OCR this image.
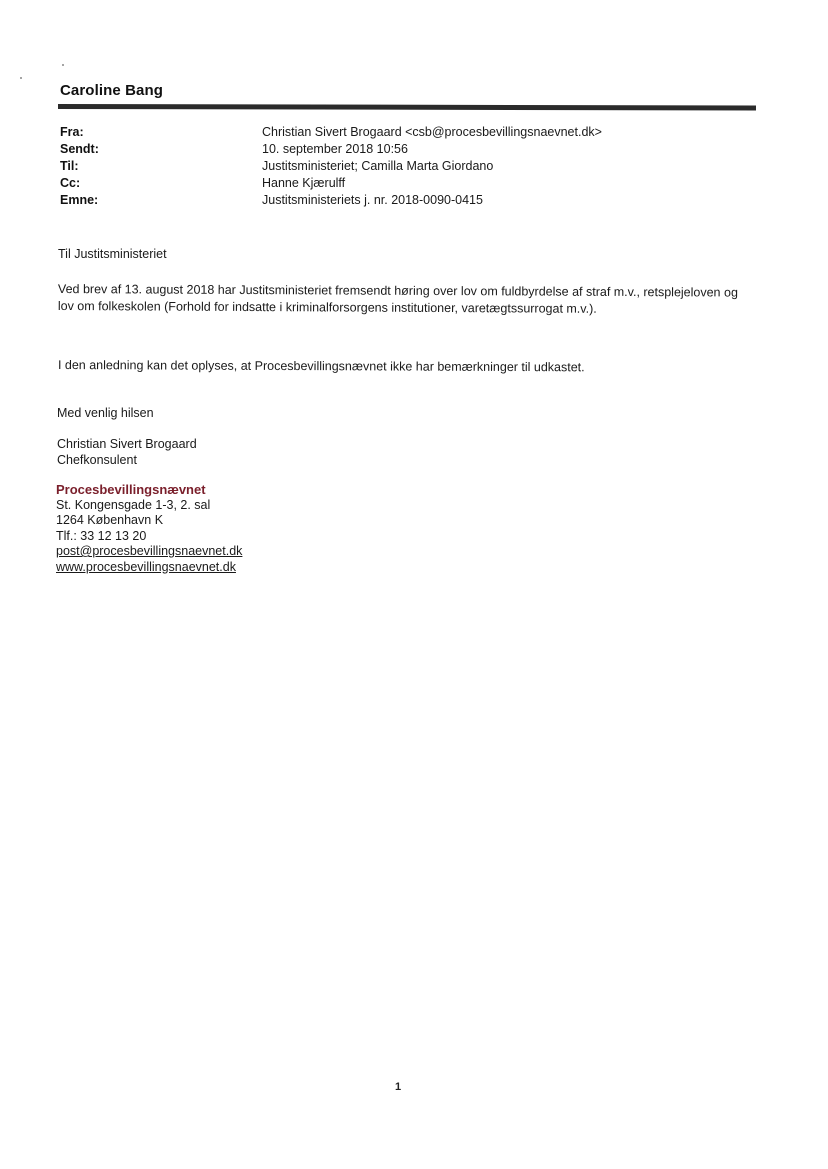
Caroline Bang
Fra:	Christian Sivert Brogaard <csb@procesbevillingsnaevnet.dk>
Sendt:	10. september 2018 10:56
Til:	Justitsministeriet; Camilla Marta Giordano
Cc:	Hanne Kjærulff
Emne:	Justitsministeriets j. nr. 2018-0090-0415
Til Justitsministeriet
Ved brev af 13. august 2018 har Justitsministeriet fremsendt høring over lov om fuldbyrdelse af straf m.v., retsplejeloven og lov om folkeskolen (Forhold for indsatte i kriminalforsorgens institutioner, varetægtssurrogat m.v.).
I den anledning kan det oplyses, at Procesbevillingsnævnet ikke har bemærkninger til udkastet.
Med venlig hilsen
Christian Sivert Brogaard
Chefkonsulent
Procesbevillingsnævnet
St. Kongensgade 1-3, 2. sal
1264 København K
Tlf.: 33 12 13 20
post@procesbevillingsnaevnet.dk
www.procesbevillingsnaevnet.dk
1
